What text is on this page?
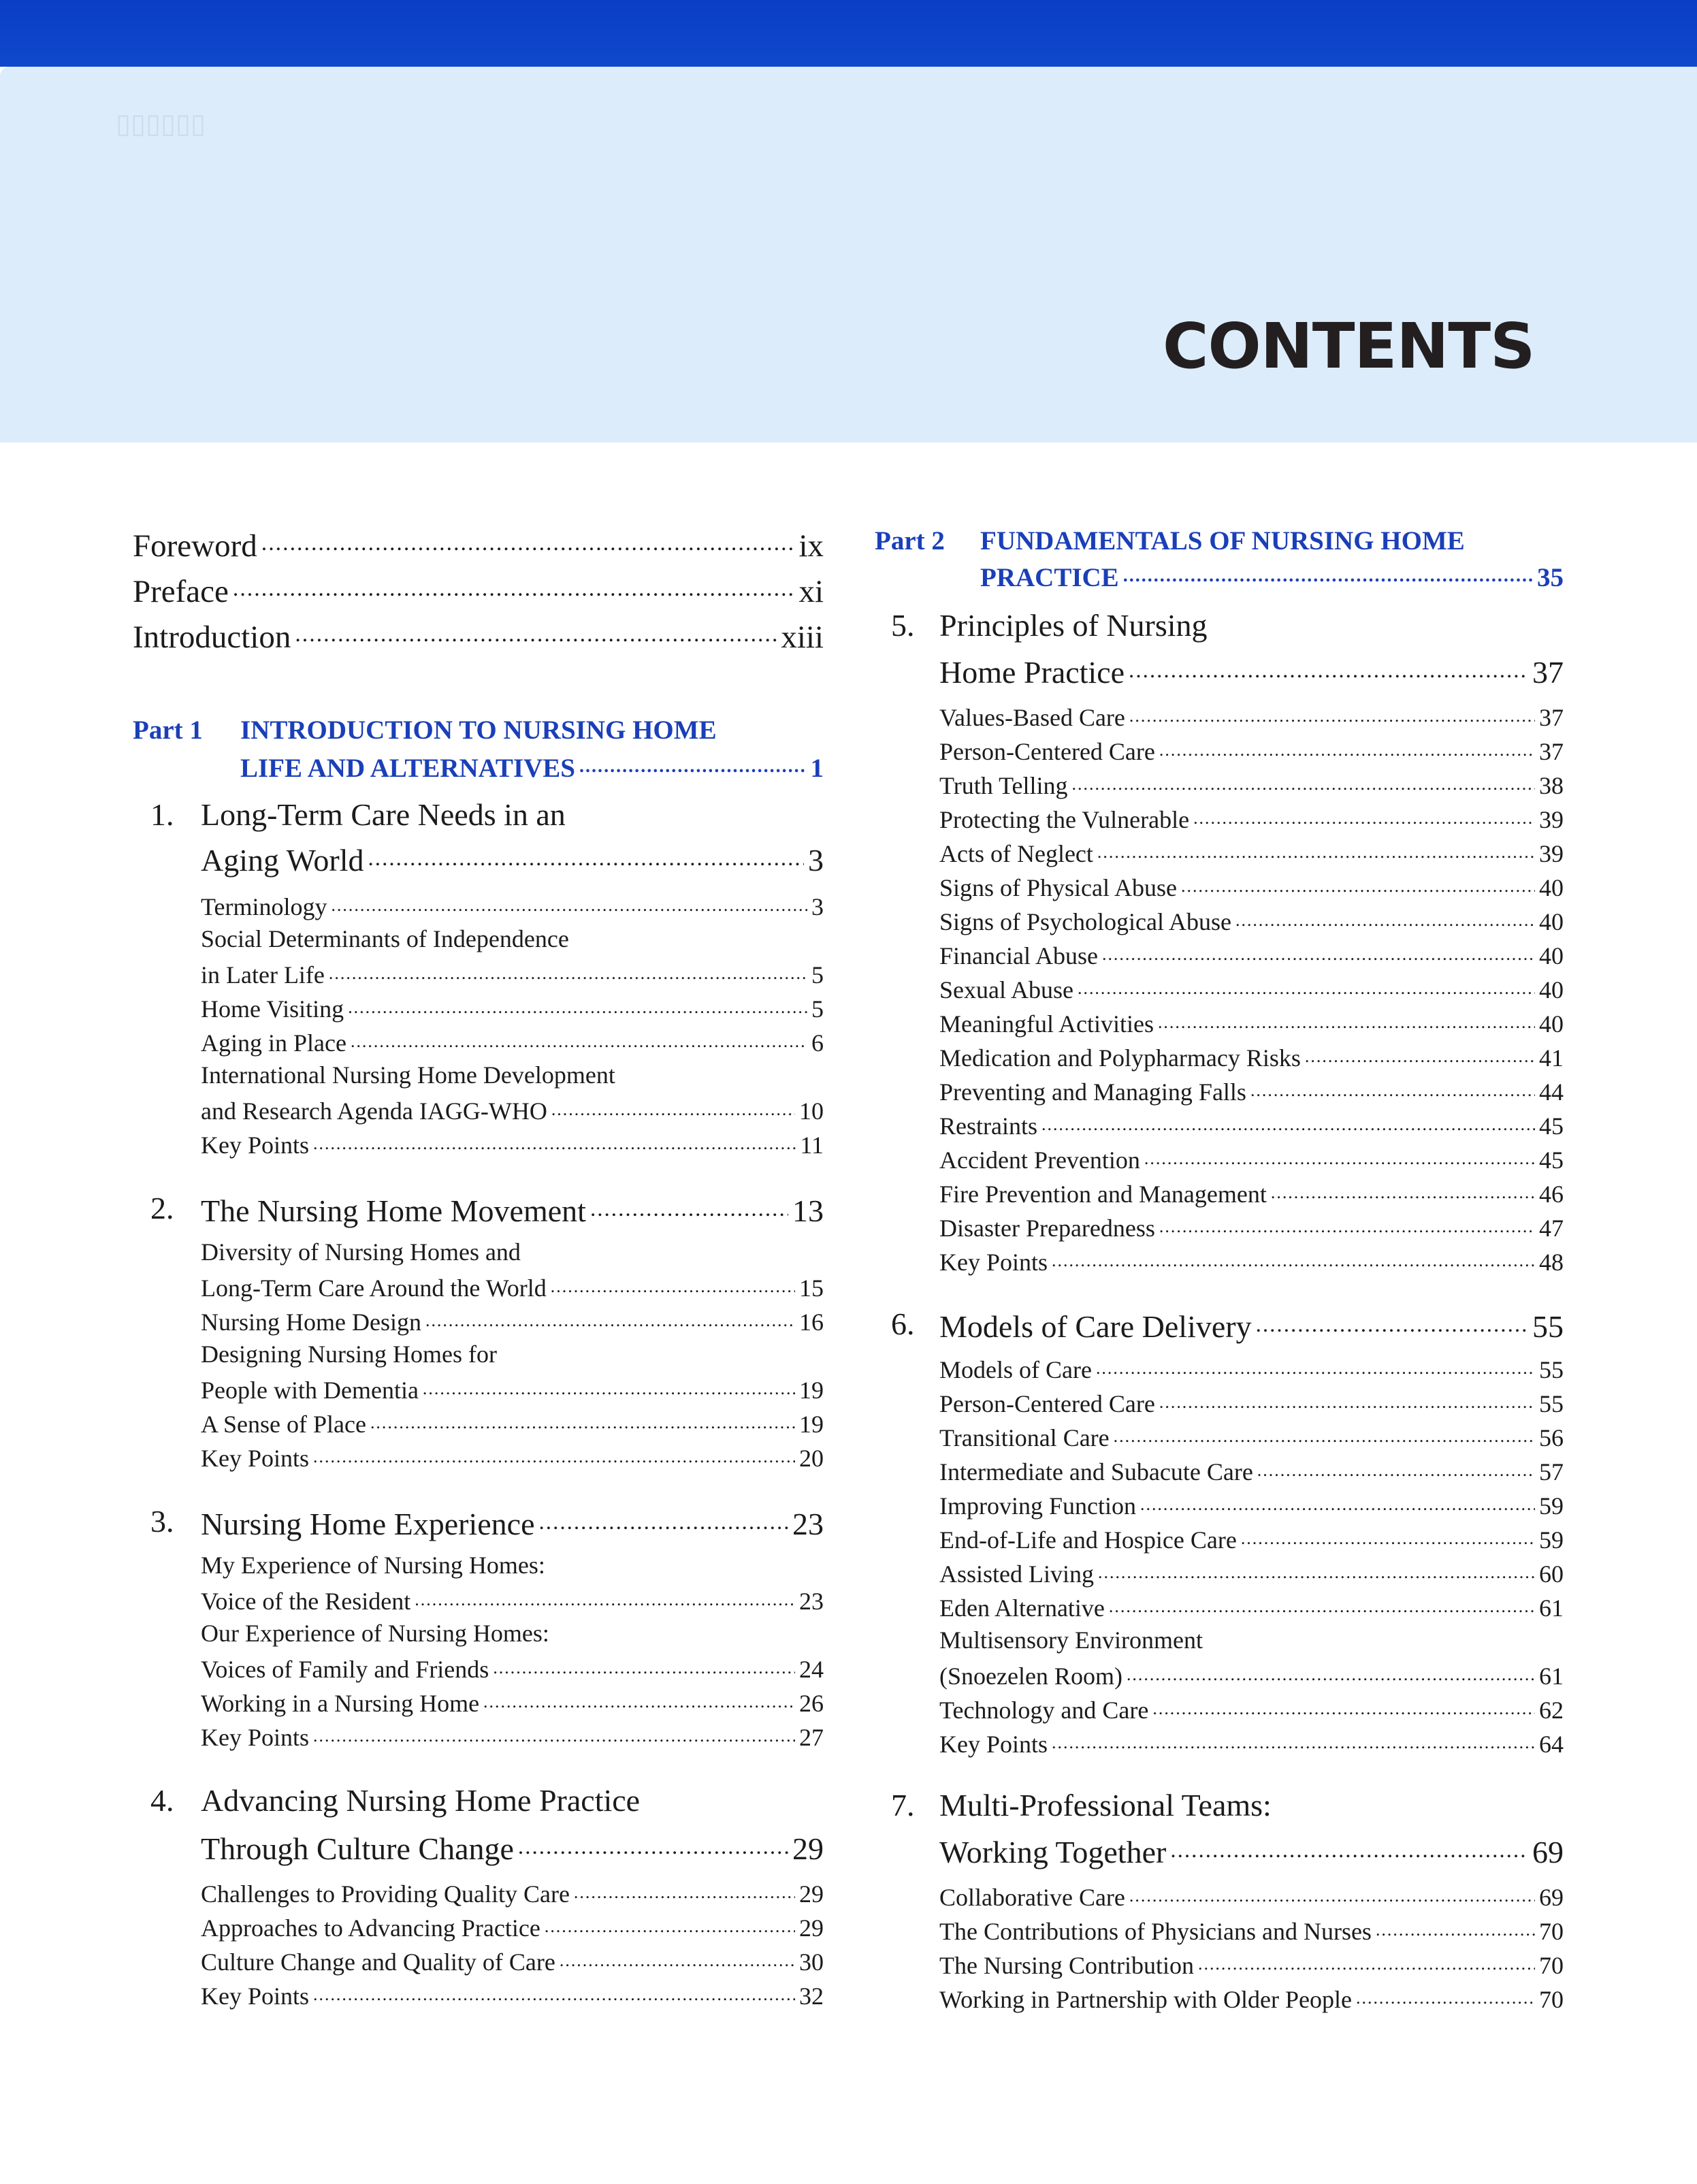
▯▯▯▯▯▯
CONTENTS
Foreword .....	ix
Preface .....	xi
Introduction .....	xiii
Part 1 INTRODUCTION TO NURSING HOME
LIFE AND ALTERNATIVES .....	1
1. Long-Term Care Needs in an
Aging World .....	3
Terminology .....	3
Social Determinants of Independence
in Later Life .....	5
Home Visiting .....	5
Aging in Place .....	6
International Nursing Home Development
and Research Agenda IAGG-WHO .....	10
Key Points .....	11
2. The Nursing Home Movement .....	13
Diversity of Nursing Homes and
Long-Term Care Around the World .....	15
Nursing Home Design .....	16
Designing Nursing Homes for
People with Dementia .....	19
A Sense of Place .....	19
Key Points .....	20
3. Nursing Home Experience .....	23
My Experience of Nursing Homes:
Voice of the Resident .....	23
Our Experience of Nursing Homes:
Voices of Family and Friends .....	24
Working in a Nursing Home .....	26
Key Points .....	27
4. Advancing Nursing Home Practice
Through Culture Change .....	29
Challenges to Providing Quality Care .....	29
Approaches to Advancing Practice .....	29
Culture Change and Quality of Care .....	30
Key Points .....	32
Part 2 FUNDAMENTALS OF NURSING HOME
PRACTICE .....	35
5. Principles of Nursing
Home Practice .....	37
Values-Based Care .....	37
Person-Centered Care .....	37
Truth Telling .....	38
Protecting the Vulnerable .....	39
Acts of Neglect .....	39
Signs of Physical Abuse .....	40
Signs of Psychological Abuse .....	40
Financial Abuse .....	40
Sexual Abuse .....	40
Meaningful Activities .....	40
Medication and Polypharmacy Risks .....	41
Preventing and Managing Falls .....	44
Restraints .....	45
Accident Prevention .....	45
Fire Prevention and Management .....	46
Disaster Preparedness .....	47
Key Points .....	48
6. Models of Care Delivery .....	55
Models of Care .....	55
Person-Centered Care .....	55
Transitional Care .....	56
Intermediate and Subacute Care .....	57
Improving Function .....	59
End-of-Life and Hospice Care .....	59
Assisted Living .....	60
Eden Alternative .....	61
Multisensory Environment
(Snoezelen Room) .....	61
Technology and Care .....	62
Key Points .....	64
7. Multi-Professional Teams:
Working Together .....	69
Collaborative Care .....	69
The Contributions of Physicians and Nurses .....	70
The Nursing Contribution .....	70
Working in Partnership with Older People .....	70
